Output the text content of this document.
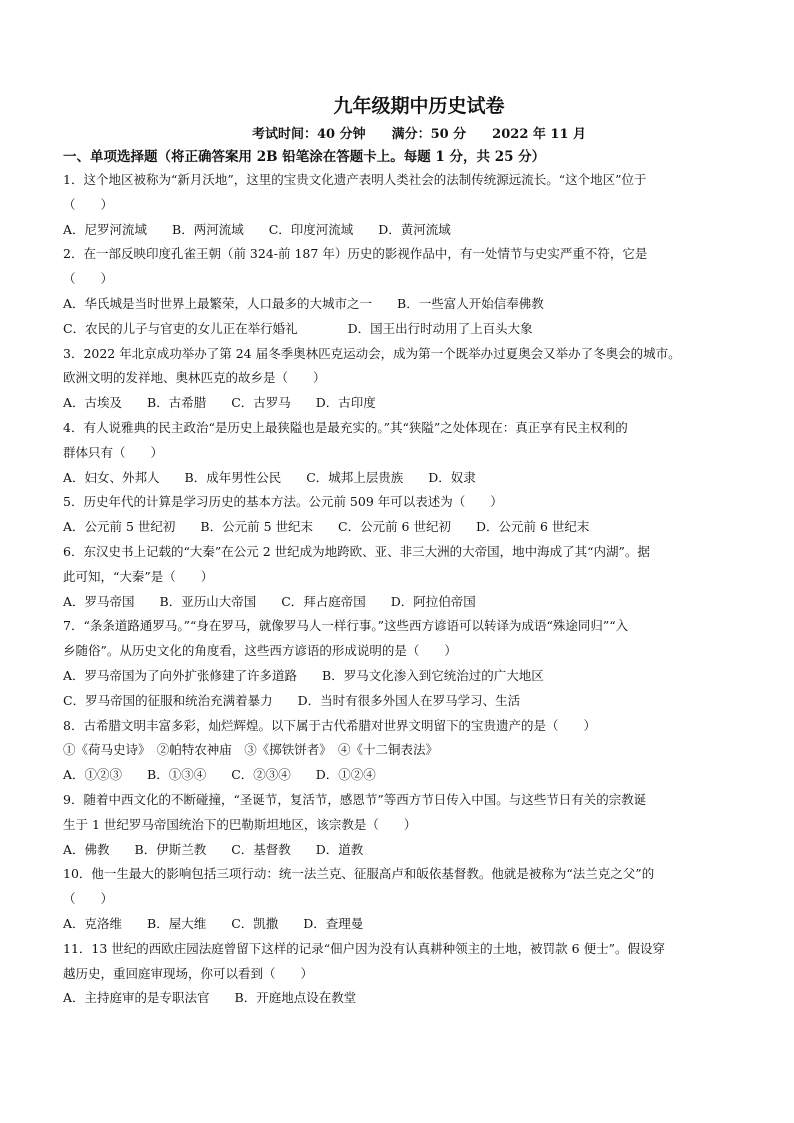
九年级期中历史试卷

考试时间：40 分钟　　满分：50 分　　2022 年 11 月

一、单项选择题（将正确答案用 2B 铅笔涂在答题卡上。每题 1 分，共 25 分）

1．这个地区被称为“新月沃地”，这里的宝贵文化遗产表明人类社会的法制传统源远流长。“这个地区”位于

（　　）

A．尼罗河流域　　B．两河流域　　C．印度河流域　　D．黄河流域

2．在一部反映印度孔雀王朝（前 324-前 187 年）历史的影视作品中，有一处情节与史实严重不符，它是

（　　）

A．华氏城是当时世界上最繁荣，人口最多的大城市之一　　B．一些富人开始信奉佛教

C．农民的儿子与官吏的女儿正在举行婚礼　　　　D．国王出行时动用了上百头大象

3．2022 年北京成功举办了第 24 届冬季奥林匹克运动会，成为第一个既举办过夏奥会又举办了冬奥会的城市。

欧洲文明的发祥地、奥林匹克的故乡是（　　）

A．古埃及　　B．古希腊　　C．古罗马　　D．古印度

4．有人说雅典的民主政治“是历史上最狭隘也是最充实的。”其“狭隘”之处体现在：真正享有民主权利的

群体只有（　　）

A．妇女、外邦人　　B．成年男性公民　　C．城邦上层贵族　　D．奴隶

5．历史年代的计算是学习历史的基本方法。公元前 509 年可以表述为（　　）

A．公元前 5 世纪初　　B．公元前 5 世纪末　　C．公元前 6 世纪初　　D．公元前 6 世纪末

6．东汉史书上记载的“大秦”在公元 2 世纪成为地跨欧、亚、非三大洲的大帝国，地中海成了其“内湖”。据

此可知，“大秦”是（　　）

A．罗马帝国　　B．亚历山大帝国　　C．拜占庭帝国　　D．阿拉伯帝国

7．“条条道路通罗马。”“身在罗马，就像罗马人一样行事。”这些西方谚语可以转译为成语“殊途同归”“入

乡随俗”。从历史文化的角度看，这些西方谚语的形成说明的是（　　）

A．罗马帝国为了向外扩张修建了许多道路　　B．罗马文化渗入到它统治过的广大地区

C．罗马帝国的征服和统治充满着暴力　　D．当时有很多外国人在罗马学习、生活

8．古希腊文明丰富多彩，灿烂辉煌。以下属于古代希腊对世界文明留下的宝贵遗产的是（　　）

①《荷马史诗》　②帕特农神庙　③《掷铁饼者》　④《十二铜表法》

A．①②③　　B．①③④　　C．②③④　　D．①②④

9．随着中西文化的不断碰撞，“圣诞节，复活节，感恩节”等西方节日传入中国。与这些节日有关的宗教诞

生于 1 世纪罗马帝国统治下的巴勒斯坦地区，该宗教是（　　）

A．佛教　　B．伊斯兰教　　C．基督教　　D．道教

10．他一生最大的影响包括三项行动：统一法兰克、征服高卢和皈依基督教。他就是被称为“法兰克之父”的

（　　）

A．克洛维　　B．屋大维　　C．凯撒　　D．查理曼

11．13 世纪的西欧庄园法庭曾留下这样的记录“佃户因为没有认真耕种领主的土地，被罚款 6 便士”。假设穿

越历史，重回庭审现场，你可以看到（　　）

A．主持庭审的是专职法官　　B．开庭地点设在教堂
